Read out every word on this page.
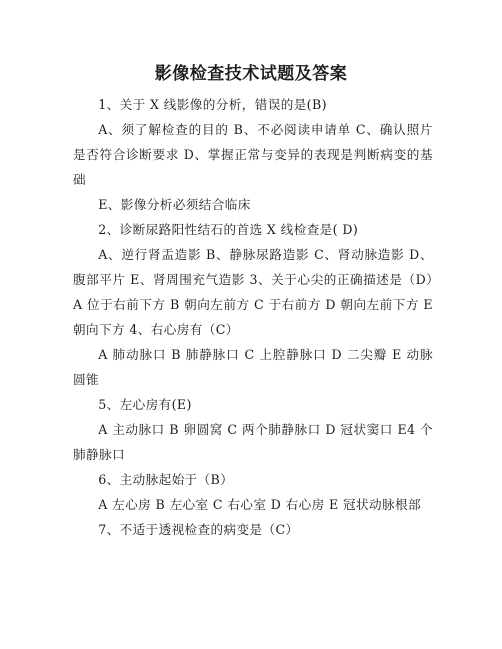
影像检查技术试题及答案

1、关于 X 线影像的分析，错误的是(B)

A、须了解检查的目的 B、不必阅读申请单 C、确认照片是否符合诊断要求 D、掌握正常与变异的表现是判断病变的基础

E、影像分析必须结合临床

2、诊断尿路阳性结石的首选 X 线检查是( D)

A、逆行肾盂造影 B、静脉尿路造影 C、肾动脉造影 D、腹部平片 E、肾周围充气造影 3、关于心尖的正确描述是（D）A 位于右前下方 B 朝向左前方 C 于右前方 D 朝向左前下方 E 朝向下方 4、右心房有（C）

A 肺动脉口 B 肺静脉口 C 上腔静脉口 D 二尖瓣 E 动脉圆锥

5、左心房有(E)

A 主动脉口 B 卵圆窝 C 两个肺静脉口 D 冠状窦口 E4 个肺静脉口

6、主动脉起始于（B）

A 左心房 B 左心室 C 右心室 D 右心房 E 冠状动脉根部

7、不适于透视检查的病变是（C）
